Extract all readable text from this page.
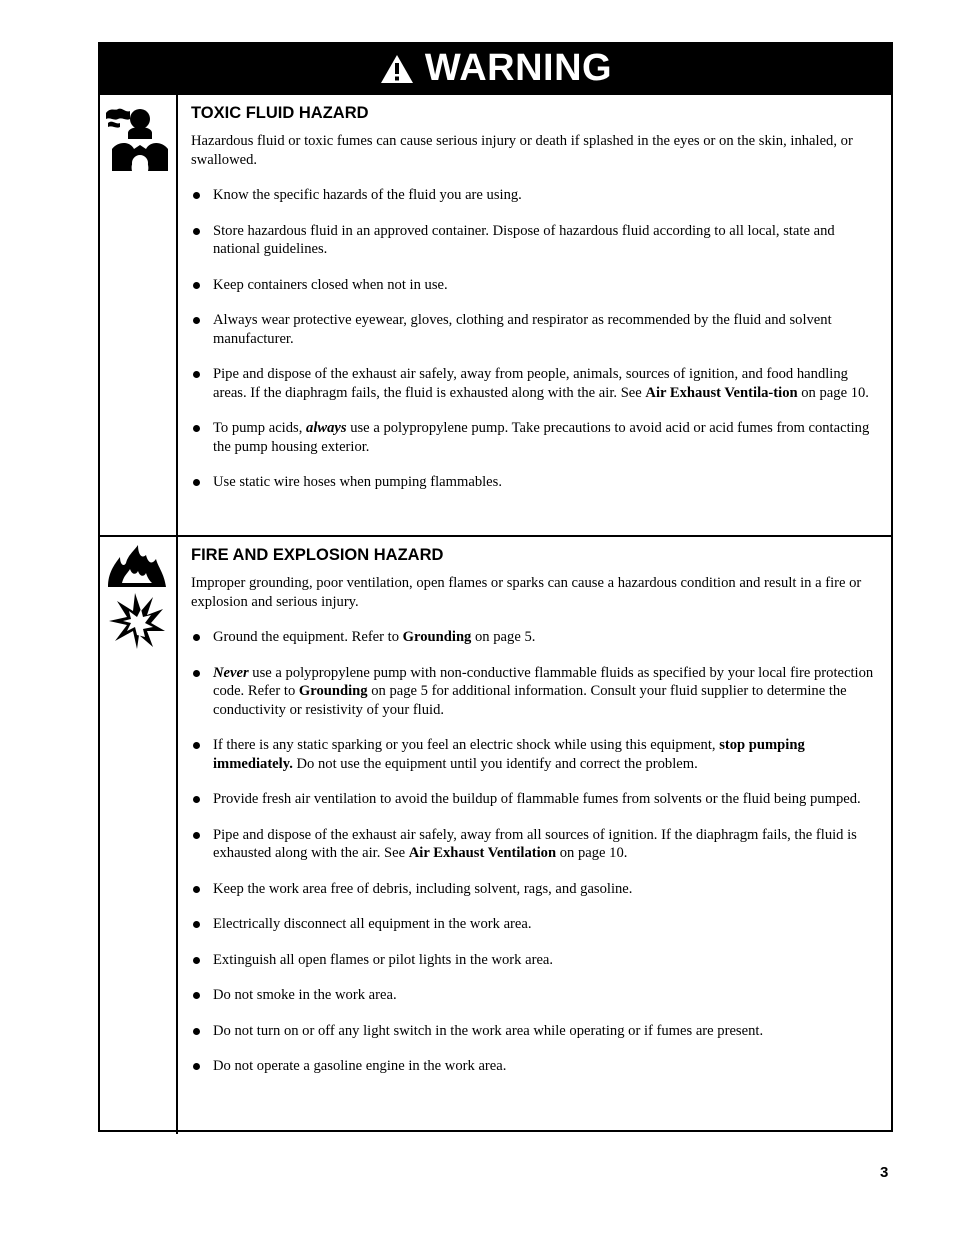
WARNING
TOXIC FLUID HAZARD

Hazardous fluid or toxic fumes can cause serious injury or death if splashed in the eyes or on the skin, inhaled, or swallowed.

Know the specific hazards of the fluid you are using.
Store hazardous fluid in an approved container. Dispose of hazardous fluid according to all local, state and national guidelines.
Keep containers closed when not in use.
Always wear protective eyewear, gloves, clothing and respirator as recommended by the fluid and solvent manufacturer.
Pipe and dispose of the exhaust air safely, away from people, animals, sources of ignition, and food handling areas. If the diaphragm fails, the fluid is exhausted along with the air. See Air Exhaust Ventila-tion on page 10.
To pump acids, always use a polypropylene pump. Take precautions to avoid acid or acid fumes from contacting the pump housing exterior.
Use static wire hoses when pumping flammables.
FIRE AND EXPLOSION HAZARD

Improper grounding, poor ventilation, open flames or sparks can cause a hazardous condition and result in a fire or explosion and serious injury.

Ground the equipment. Refer to Grounding on page 5.
Never use a polypropylene pump with non-conductive flammable fluids as specified by your local fire protection code. Refer to Grounding on page 5 for additional information. Consult your fluid supplier to determine the conductivity or resistivity of your fluid.
If there is any static sparking or you feel an electric shock while using this equipment, stop pumping immediately. Do not use the equipment until you identify and correct the problem.
Provide fresh air ventilation to avoid the buildup of flammable fumes from solvents or the fluid being pumped.
Pipe and dispose of the exhaust air safely, away from all sources of ignition. If the diaphragm fails, the fluid is exhausted along with the air. See Air Exhaust Ventilation on page 10.
Keep the work area free of debris, including solvent, rags, and gasoline.
Electrically disconnect all equipment in the work area.
Extinguish all open flames or pilot lights in the work area.
Do not smoke in the work area.
Do not turn on or off any light switch in the work area while operating or if fumes are present.
Do not operate a gasoline engine in the work area.
3
